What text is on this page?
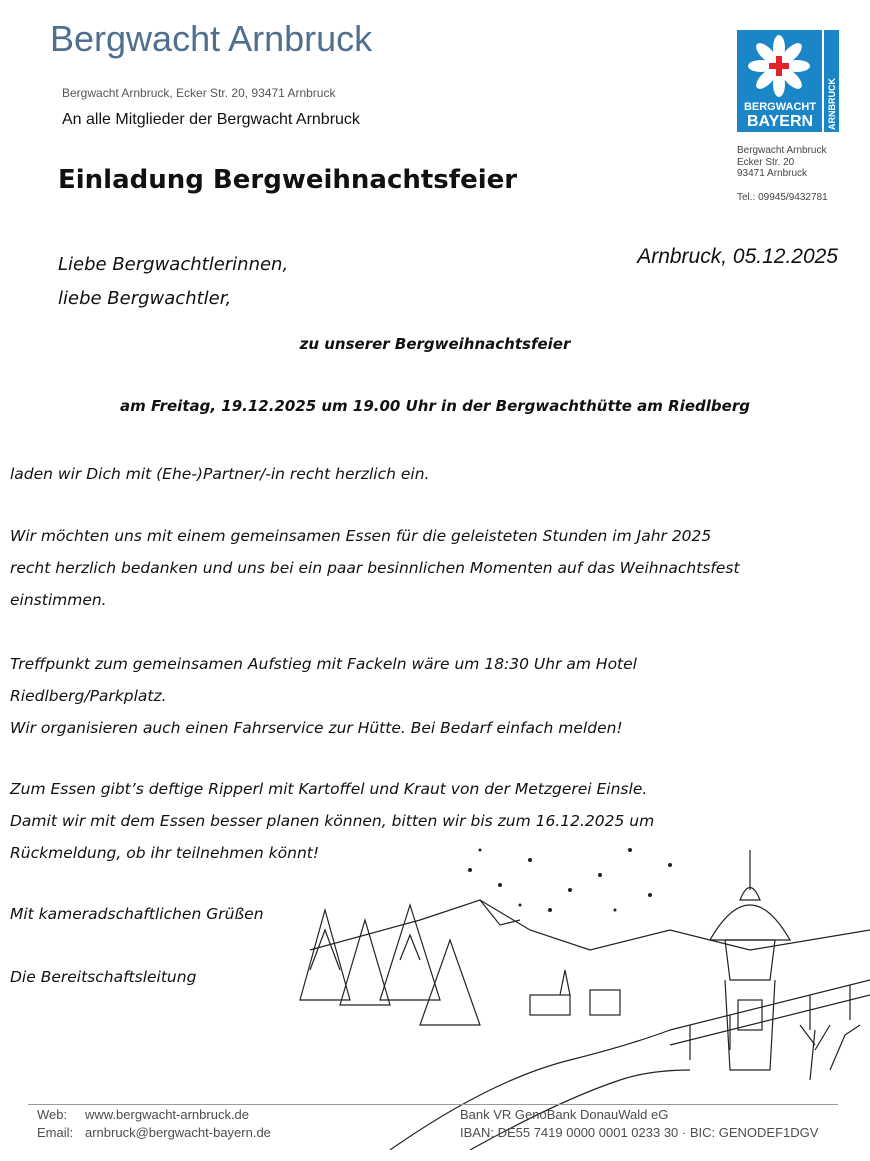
Bergwacht Arnbruck
Bergwacht Arnbruck, Ecker Str. 20, 93471 Arnbruck
An alle Mitglieder der Bergwacht Arnbruck
BERGWACHT
BAYERN ARNBRUCK
Bergwacht Arnbruck
Ecker Str. 20
93471 Arnbruck
Tel.: 09945/9432781
Einladung Bergweihnachtsfeier
Arnbruck, 05.12.2025
Liebe Bergwachtlerinnen,
liebe Bergwachtler,
zu unserer Bergweihnachtsfeier
am Freitag, 19.12.2025 um 19.00 Uhr in der Bergwachthütte am Riedlberg
laden wir Dich mit (Ehe-)Partner/-in recht herzlich ein.
Wir möchten uns mit einem gemeinsamen Essen für die geleisteten Stunden im Jahr 2025
recht herzlich bedanken und uns bei ein paar besinnlichen Momenten auf das Weihnachtsfest
einstimmen.
Treffpunkt zum gemeinsamen Aufstieg mit Fackeln wäre um 18:30 Uhr am Hotel
Riedlberg/Parkplatz.
Wir organisieren auch einen Fahrservice zur Hütte. Bei Bedarf einfach melden!
Zum Essen gibt’s deftige Ripperl mit Kartoffel und Kraut von der Metzgerei Einsle.
Damit wir mit dem Essen besser planen können, bitten wir bis zum 16.12.2025 um
Rückmeldung, ob ihr teilnehmen könnt!
Mit kameradschaftlichen Grüßen
Die Bereitschaftsleitung
Web: www.bergwacht-arnbruck.de
Email: arnbruck@bergwacht-bayern.de
Bank VR GenoBank DonauWald eG
IBAN: DE55 7419 0000 0001 0233 30 · BIC: GENODEF1DGV
